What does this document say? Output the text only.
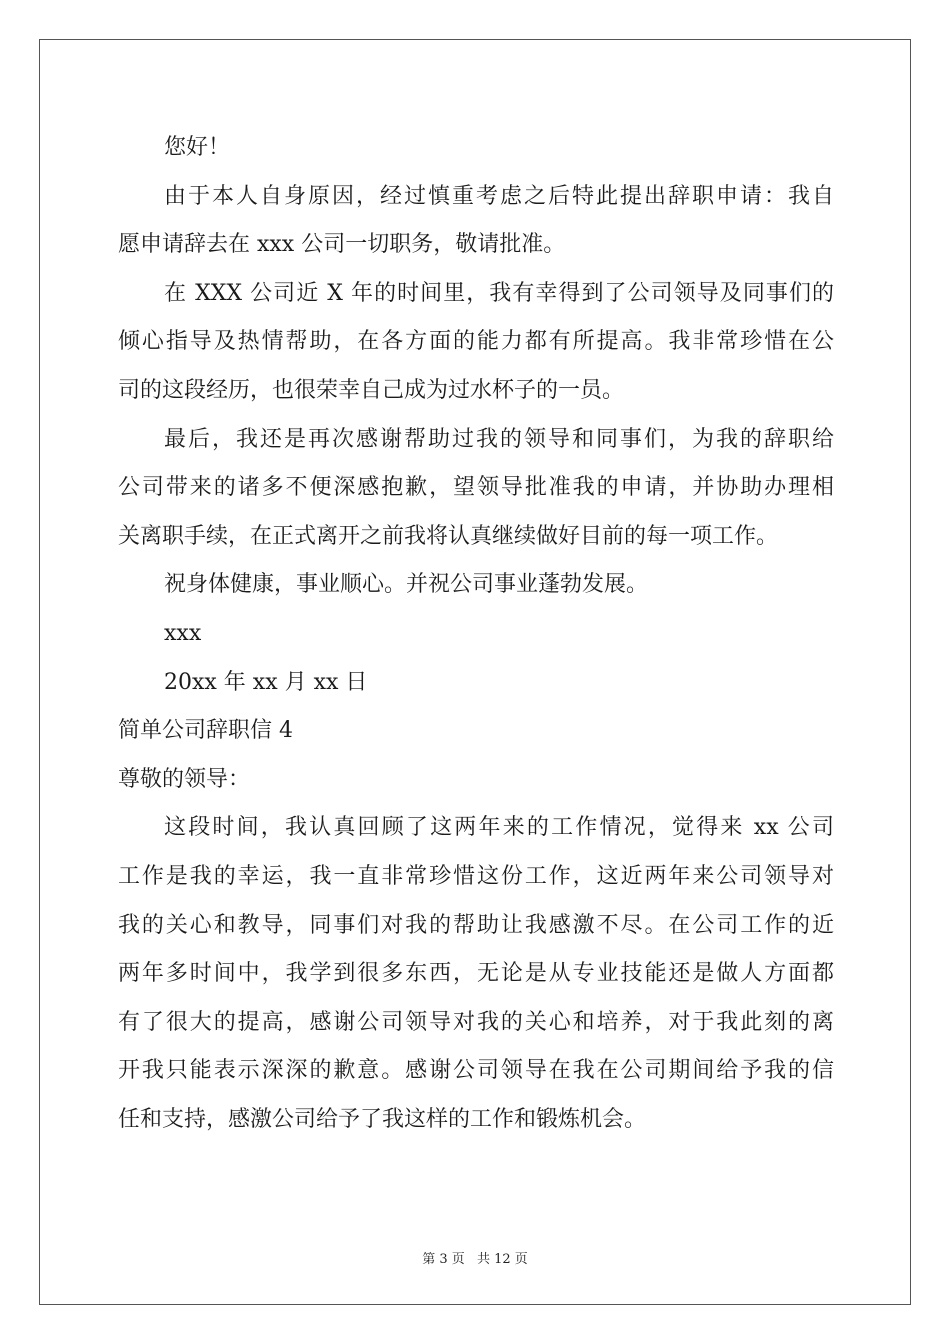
您好！
由于本人自身原因，经过慎重考虑之后特此提出辞职申请：我自
愿申请辞去在 xxx 公司一切职务，敬请批准。
在 XXX 公司近 X 年的时间里，我有幸得到了公司领导及同事们的
倾心指导及热情帮助，在各方面的能力都有所提高。我非常珍惜在公
司的这段经历，也很荣幸自己成为过水杯子的一员。
最后，我还是再次感谢帮助过我的领导和同事们，为我的辞职给
公司带来的诸多不便深感抱歉，望领导批准我的申请，并协助办理相
关离职手续，在正式离开之前我将认真继续做好目前的每一项工作。
祝身体健康，事业顺心。并祝公司事业蓬勃发展。
xxx
20xx 年 xx 月 xx 日
简单公司辞职信 4
尊敬的领导：
这段时间，我认真回顾了这两年来的工作情况，觉得来 xx 公司
工作是我的幸运，我一直非常珍惜这份工作，这近两年来公司领导对
我的关心和教导，同事们对我的帮助让我感激不尽。在公司工作的近
两年多时间中，我学到很多东西，无论是从专业技能还是做人方面都
有了很大的提高，感谢公司领导对我的关心和培养，对于我此刻的离
开我只能表示深深的歉意。感谢公司领导在我在公司期间给予我的信
任和支持，感激公司给予了我这样的工作和锻炼机会。
第 3 页 共 12 页
